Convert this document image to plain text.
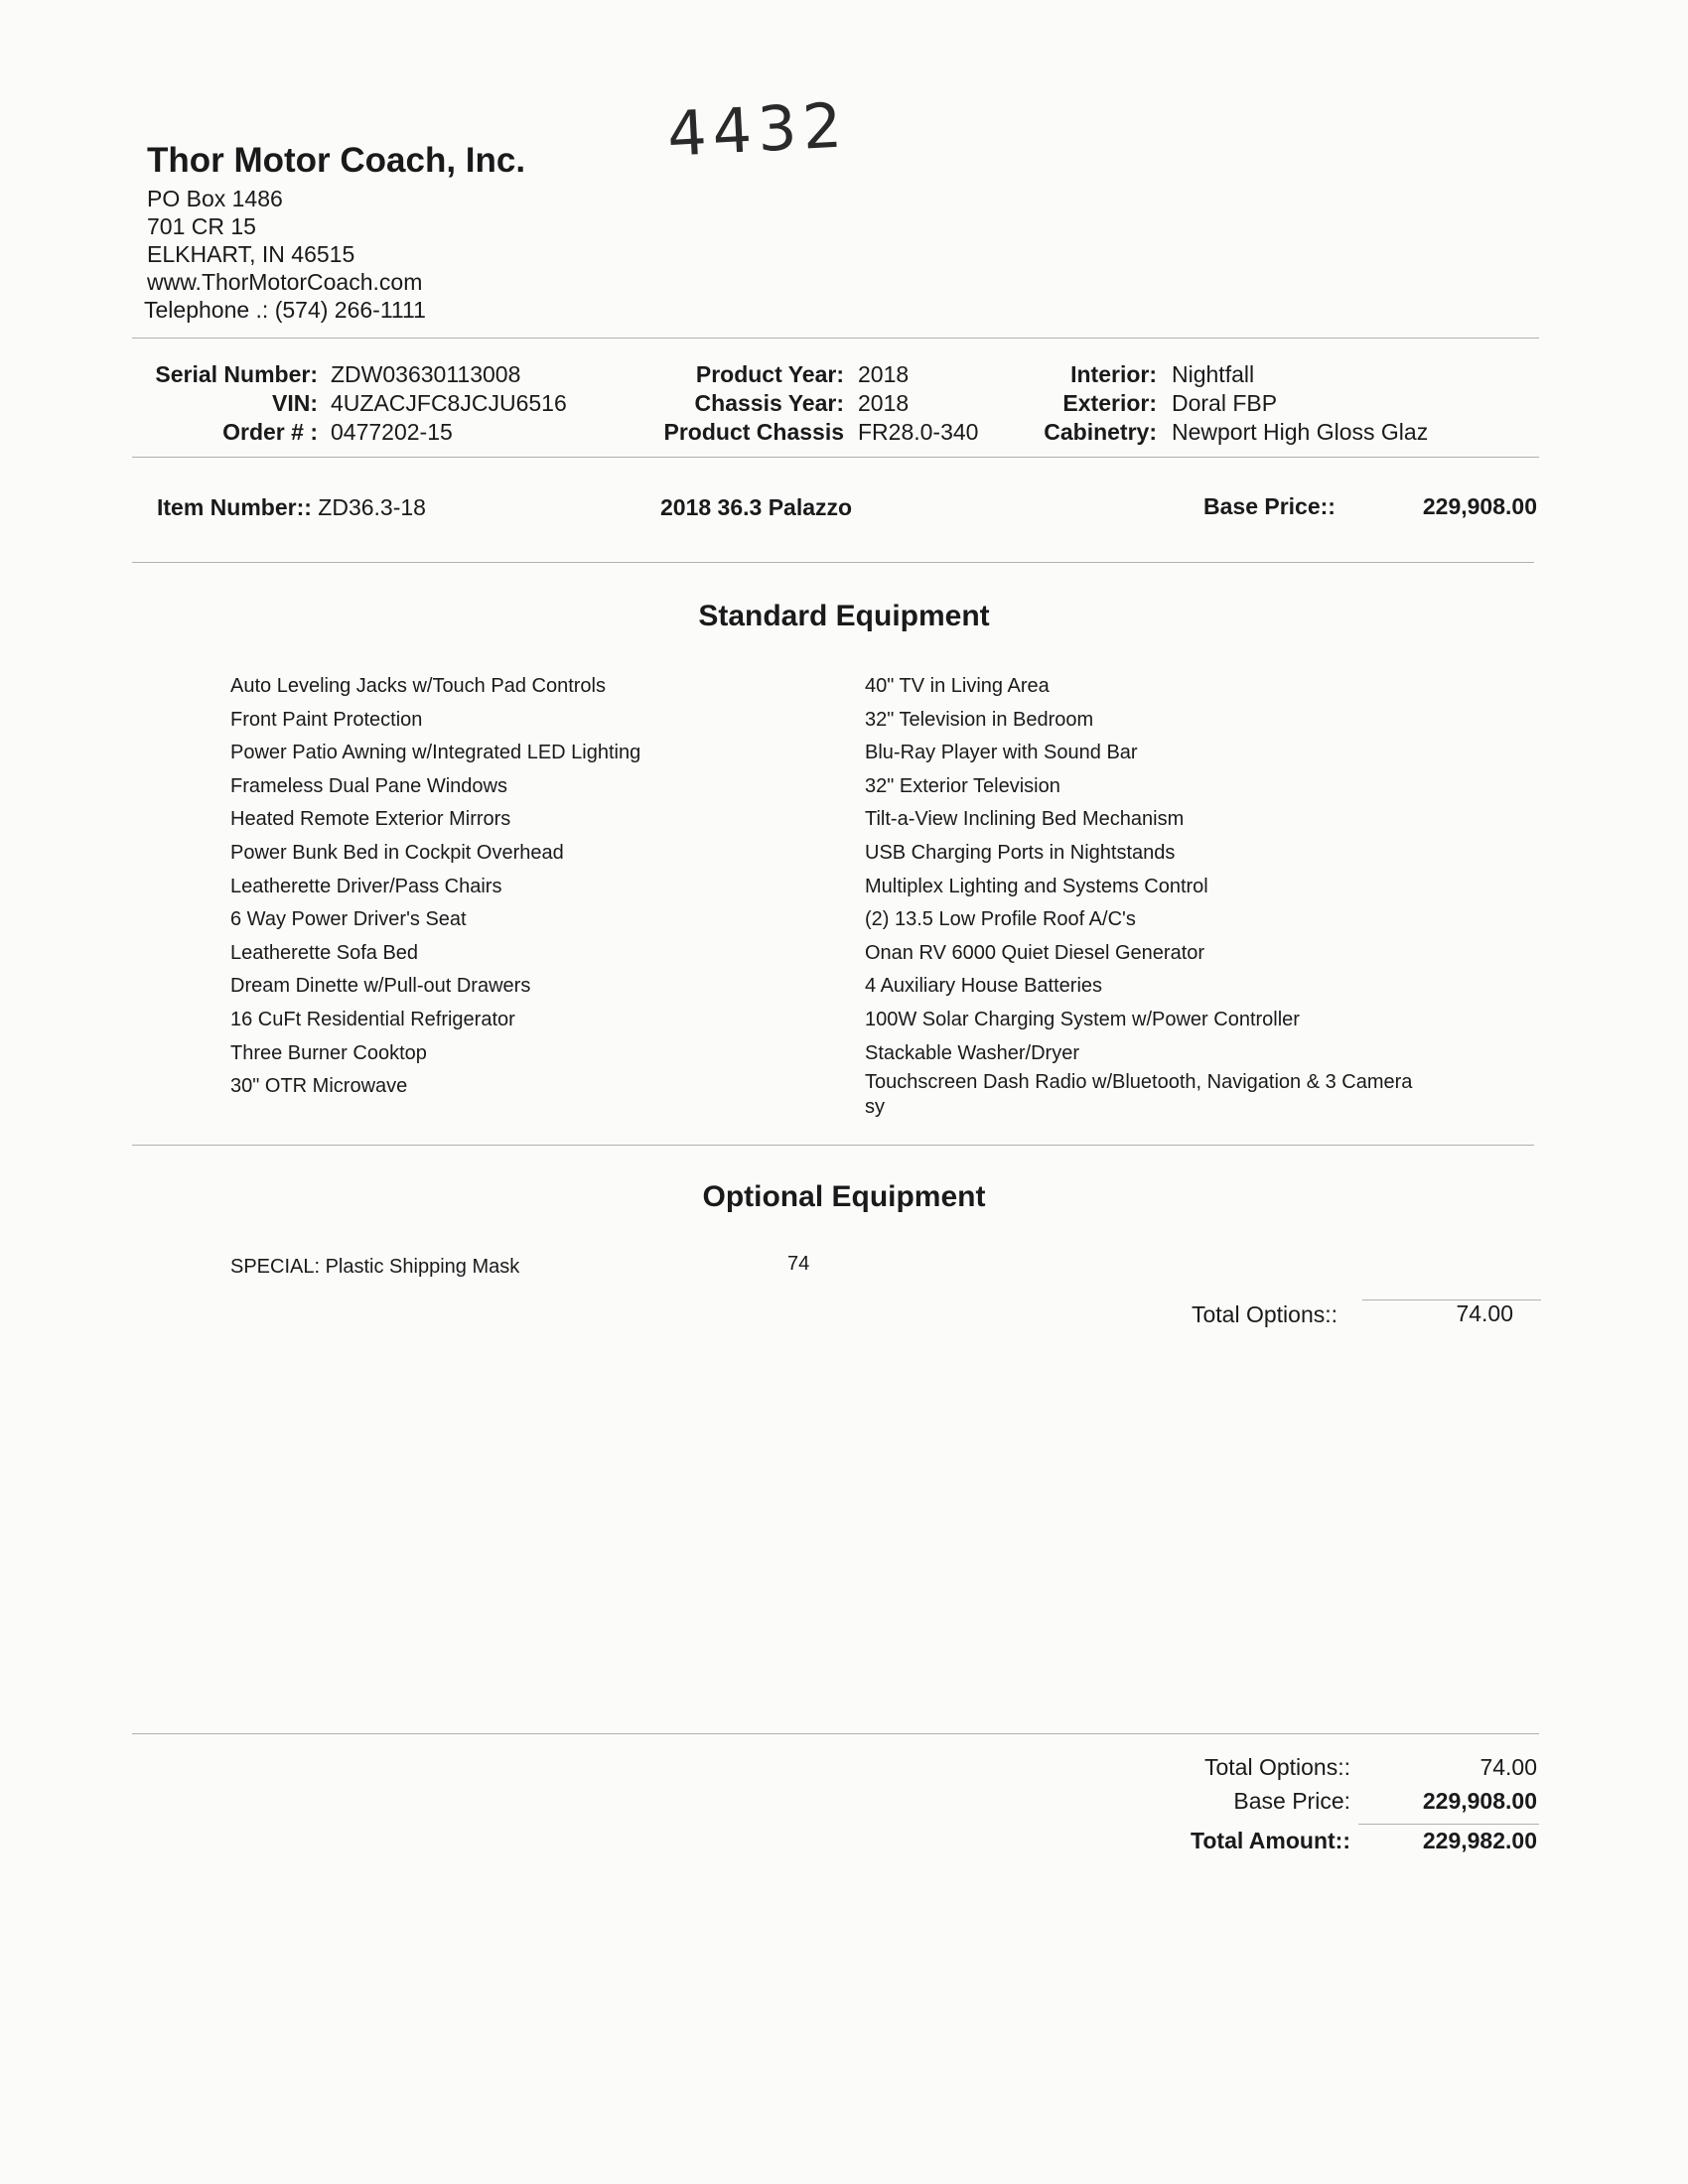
Thor Motor Coach, Inc.
PO Box 1486
701 CR 15
ELKHART, IN 46515
www.ThorMotorCoach.com
Telephone .: (574) 266-1111
4432
Serial Number: ZDW03630113008
VIN: 4UZACJFC8JCJU6516
Order # : 0477202-15
Product Year: 2018
Chassis Year: 2018
Product Chassis FR28.0-340
Interior: Nightfall
Exterior: Doral FBP
Cabinetry: Newport High Gloss Glaz
Item Number:: ZD36.3-18	2018 36.3 Palazzo	Base Price::	229,908.00
Standard Equipment
Auto Leveling Jacks w/Touch Pad Controls
Front Paint Protection
Power Patio Awning w/Integrated LED Lighting
Frameless Dual Pane Windows
Heated Remote Exterior Mirrors
Power Bunk Bed in Cockpit Overhead
Leatherette Driver/Pass Chairs
6 Way Power Driver's Seat
Leatherette Sofa Bed
Dream Dinette w/Pull-out Drawers
16 CuFt Residential Refrigerator
Three Burner Cooktop
30" OTR Microwave
40" TV in Living Area
32" Television in Bedroom
Blu-Ray Player with Sound Bar
32" Exterior Television
Tilt-a-View Inclining Bed Mechanism
USB Charging Ports in Nightstands
Multiplex Lighting and Systems Control
(2) 13.5 Low Profile Roof A/C's
Onan RV 6000 Quiet Diesel Generator
4 Auxiliary House Batteries
100W Solar Charging System w/Power Controller
Stackable Washer/Dryer
Touchscreen Dash Radio w/Bluetooth, Navigation & 3 Camera sy
Optional Equipment
SPECIAL: Plastic Shipping Mask	74
Total Options::	74.00
Total Options::	74.00
Base Price:	229,908.00
Total Amount::	229,982.00
